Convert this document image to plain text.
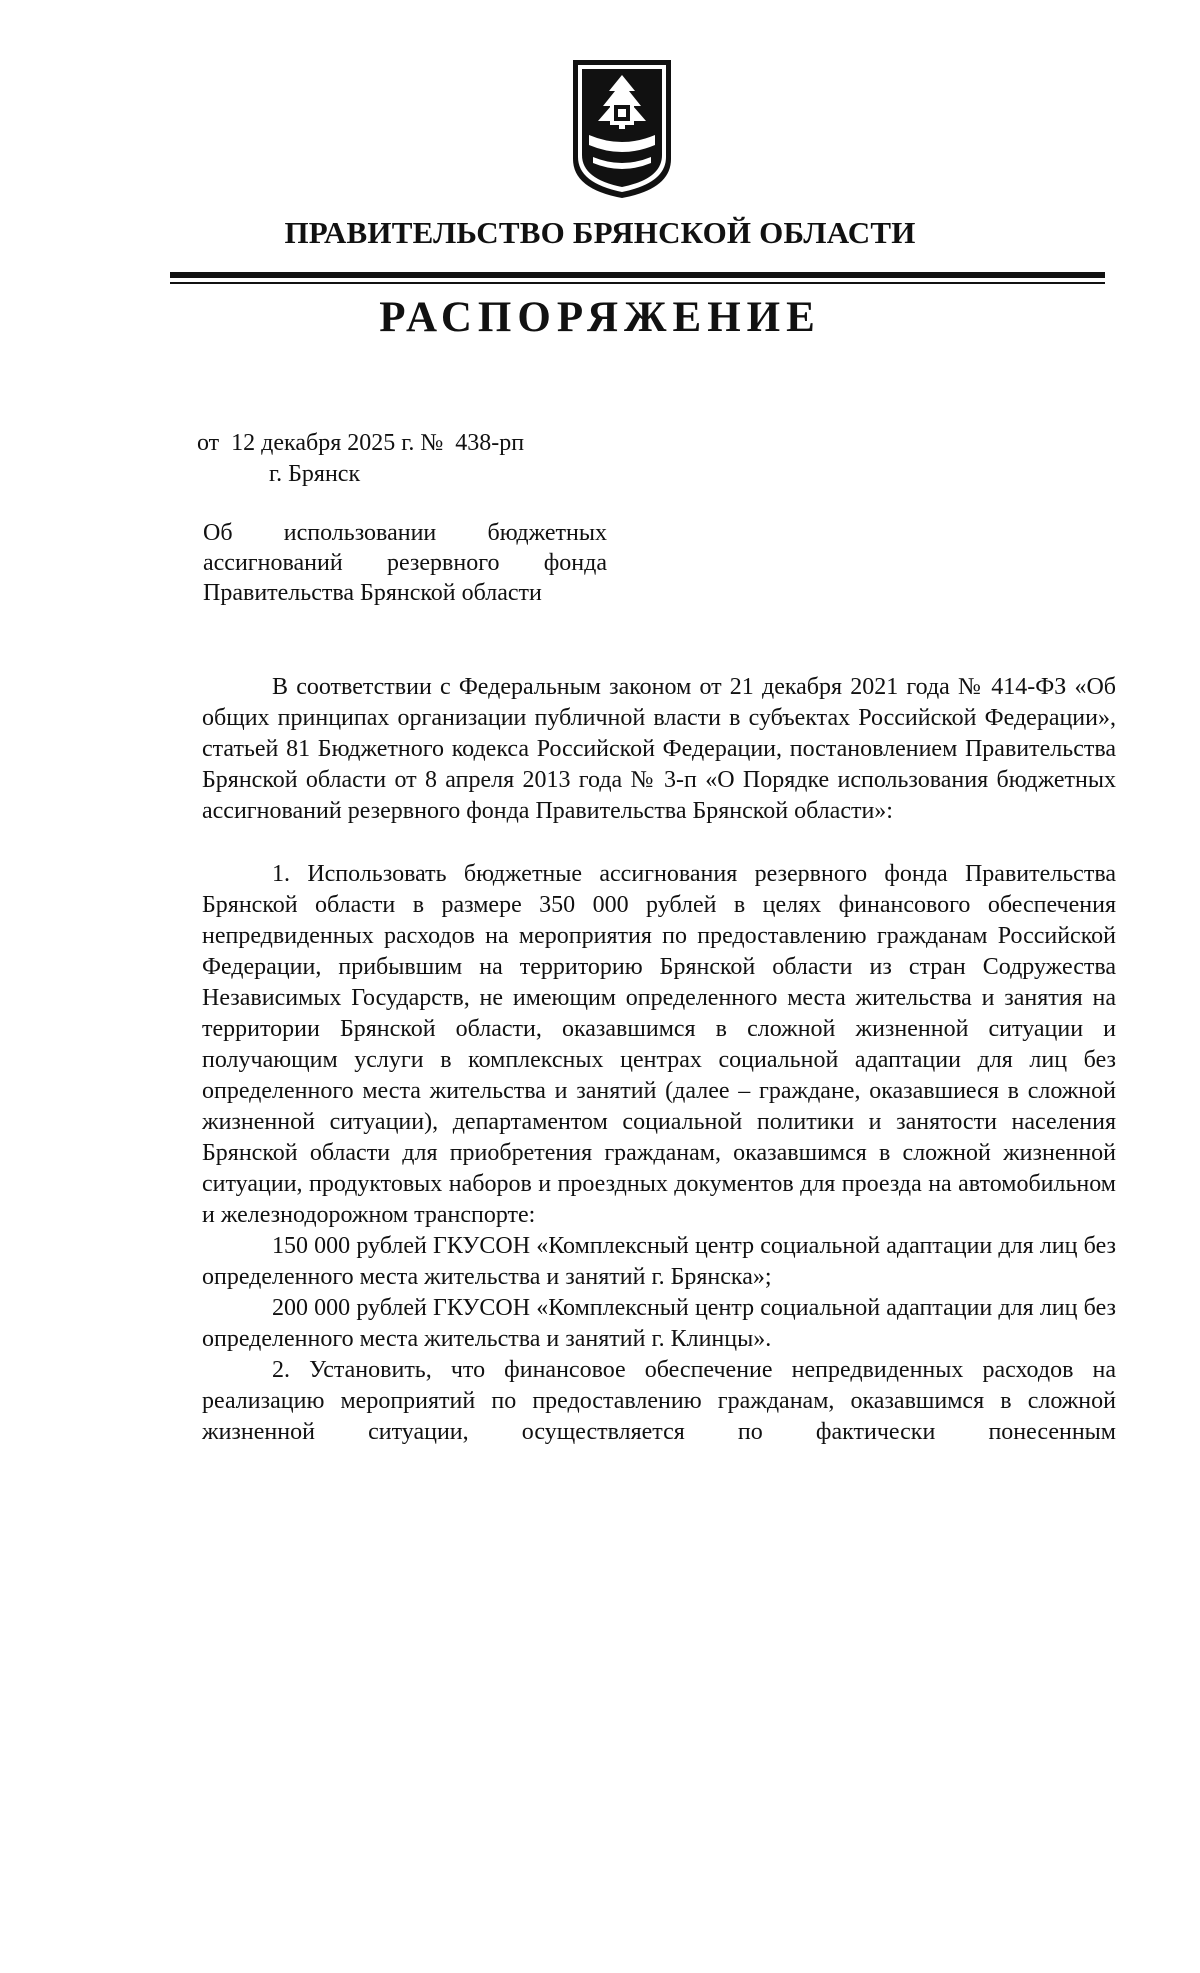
ПРАВИТЕЛЬСТВО БРЯНСКОЙ ОБЛАСТИ
РАСПОРЯЖЕНИЕ
от  12 декабря 2025 г. №  438-рп
г. Брянск
Об использовании бюджетных
ассигнований резервного фонда
Правительства Брянской области

В соответствии с Федеральным законом от 21 декабря 2021 года № 414-ФЗ «Об общих принципах организации публичной власти в субъектах Российской Федерации», статьей 81 Бюджетного кодекса Российской Федерации, постановлением Правительства Брянской области от 8 апреля 2013 года № 3-п «О Порядке использования бюджетных ассигнований резервного фонда Правительства Брянской области»:

1. Использовать бюджетные ассигнования резервного фонда Правительства Брянской области в размере 350 000 рублей в целях финансового обеспечения непредвиденных расходов на мероприятия по предоставлению гражданам Российской Федерации, прибывшим на территорию Брянской области из стран Содружества Независимых Государств, не имеющим определенного места жительства и занятия на территории Брянской области, оказавшимся в сложной жизненной ситуации и получающим услуги в комплексных центрах социальной адаптации для лиц без определенного места жительства и занятий (далее – граждане, оказавшиеся в сложной жизненной ситуации), департаментом социальной политики и занятости населения Брянской области для приобретения гражданам, оказавшимся в сложной жизненной ситуации, продуктовых наборов и проездных документов для проезда на автомобильном и железнодорожном транспорте:

150 000 рублей ГКУСОН «Комплексный центр социальной адаптации для лиц без определенного места жительства и занятий г. Брянска»;

200 000 рублей ГКУСОН «Комплексный центр социальной адаптации для лиц без определенного места жительства и занятий г. Клинцы».

2. Установить, что финансовое обеспечение непредвиденных расходов на реализацию мероприятий по предоставлению гражданам, оказавшимся в сложной жизненной ситуации, осуществляется по фактически понесенным
